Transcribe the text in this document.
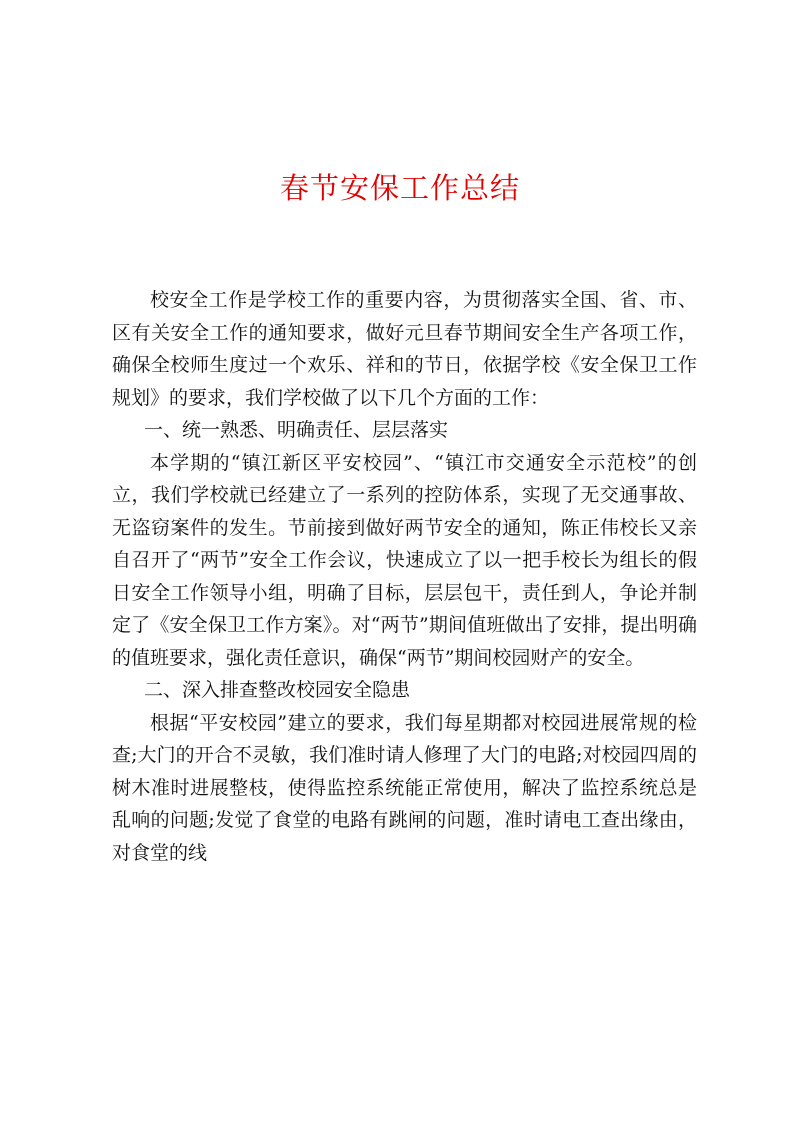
春节安保工作总结

校安全工作是学校工作的重要内容，为贯彻落实全国、省、市、区有关安全工作的通知要求，做好元旦春节期间安全生产各项工作，确保全校师生度过一个欢乐、祥和的节日，依据学校《安全保卫工作规划》的要求，我们学校做了以下几个方面的工作：

一、统一熟悉、明确责任、层层落实

本学期的“镇江新区平安校园”、“镇江市交通安全示范校”的创立，我们学校就已经建立了一系列的控防体系，实现了无交通事故、无盗窃案件的发生。节前接到做好两节安全的通知，陈正伟校长又亲自召开了“两节”安全工作会议，快速成立了以一把手校长为组长的假日安全工作领导小组，明确了目标，层层包干，责任到人，争论并制定了《安全保卫工作方案》。对“两节”期间值班做出了安排，提出明确的值班要求，强化责任意识，确保“两节”期间校园财产的安全。

二、深入排查整改校园安全隐患

根据“平安校园”建立的要求，我们每星期都对校园进展常规的检查;大门的开合不灵敏，我们准时请人修理了大门的电路;对校园四周的树木准时进展整枝，使得监控系统能正常使用，解决了监控系统总是乱响的问题;发觉了食堂的电路有跳闸的问题，准时请电工查出缘由，对食堂的线
